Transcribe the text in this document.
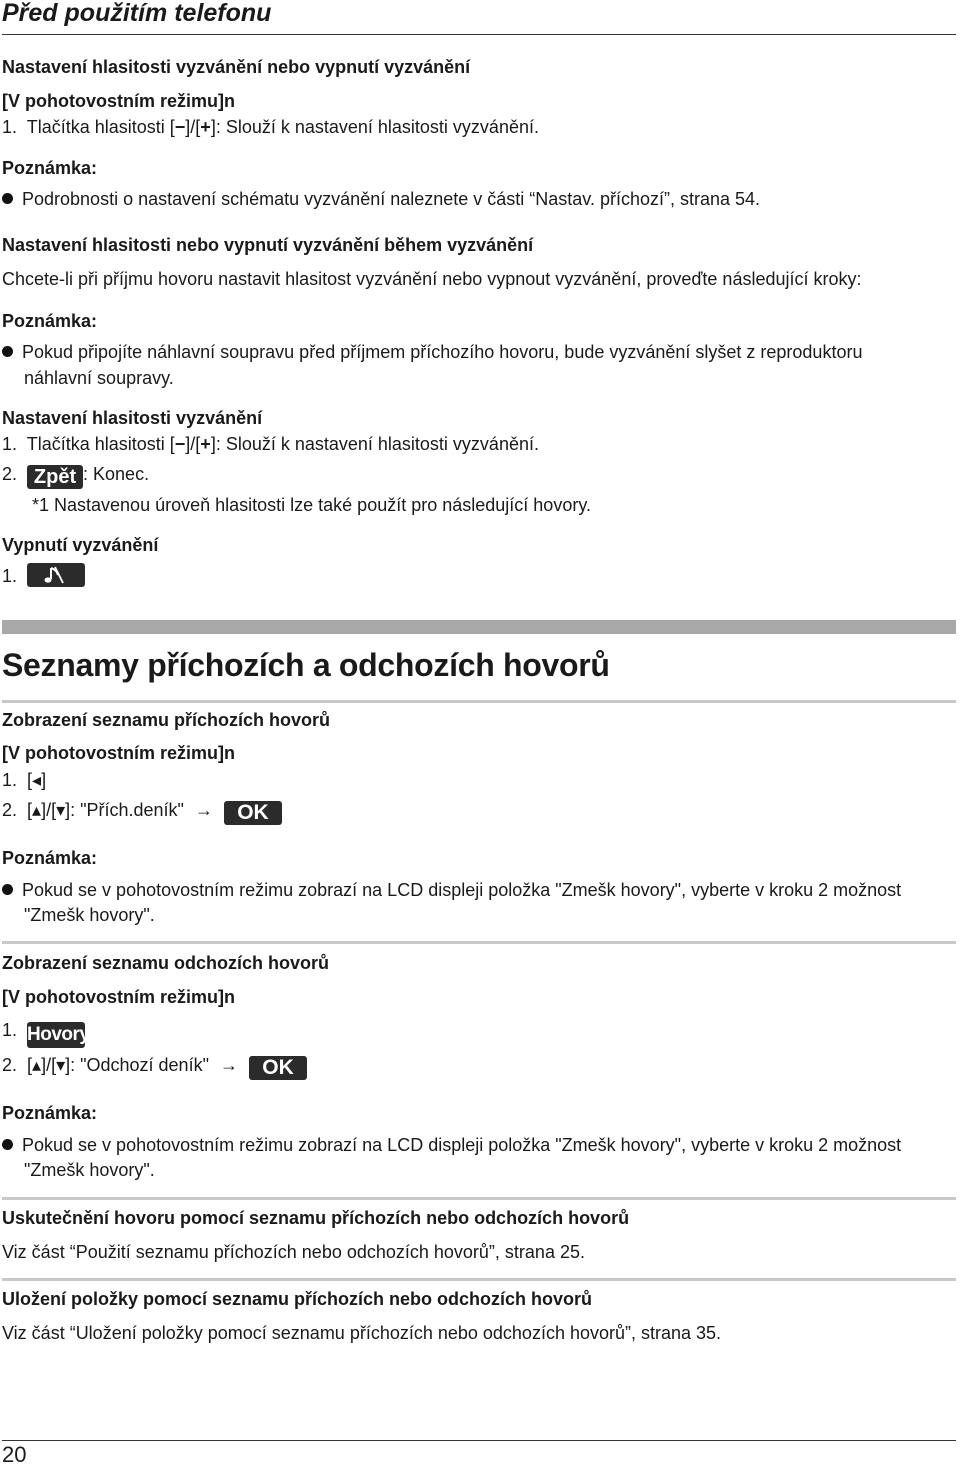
Před použitím telefonu
Nastavení hlasitosti vyzvánění nebo vypnutí vyzvánění
[V pohotovostním režimu]n
1. Tlačítka hlasitosti [−]/[+]: Slouží k nastavení hlasitosti vyzvánění.
Poznámka:
Podrobnosti o nastavení schématu vyzvánění naleznete v části “Nastav. příchozí”, strana 54.
Nastavení hlasitosti nebo vypnutí vyzvánění během vyzvánění
Chcete-li při příjmu hovoru nastavit hlasitost vyzvánění nebo vypnout vyzvánění, proveďte následující kroky:
Poznámka:
Pokud připojíte náhlavní soupravu před příjmem příchozího hovoru, bude vyzvánění slyšet z reproduktoru
náhlavní soupravy.
Nastavení hlasitosti vyzvánění
1. Tlačítka hlasitosti [−]/[+]: Slouží k nastavení hlasitosti vyzvánění.
2. Zpět : Konec.
*1 Nastavenou úroveň hlasitosti lze také použít pro následující hovory.
Vypnutí vyzvánění
1.
Seznamy příchozích a odchozích hovorů
Zobrazení seznamu příchozích hovorů
[V pohotovostním režimu]n
1. [◂]
2. [▴]/[▾]: "Přích.deník" → OK
Poznámka:
Pokud se v pohotovostním režimu zobrazí na LCD displeji položka "Zmešk hovory", vyberte v kroku 2 možnost
"Zmešk hovory".
Zobrazení seznamu odchozích hovorů
[V pohotovostním režimu]n
1. Hovory
2. [▴]/[▾]: "Odchozí deník" → OK
Poznámka:
Pokud se v pohotovostním režimu zobrazí na LCD displeji položka "Zmešk hovory", vyberte v kroku 2 možnost
"Zmešk hovory".
Uskutečnění hovoru pomocí seznamu příchozích nebo odchozích hovorů
Viz část “Použití seznamu příchozích nebo odchozích hovorů”, strana 25.
Uložení položky pomocí seznamu příchozích nebo odchozích hovorů
Viz část “Uložení položky pomocí seznamu příchozích nebo odchozích hovorů”, strana 35.
20
